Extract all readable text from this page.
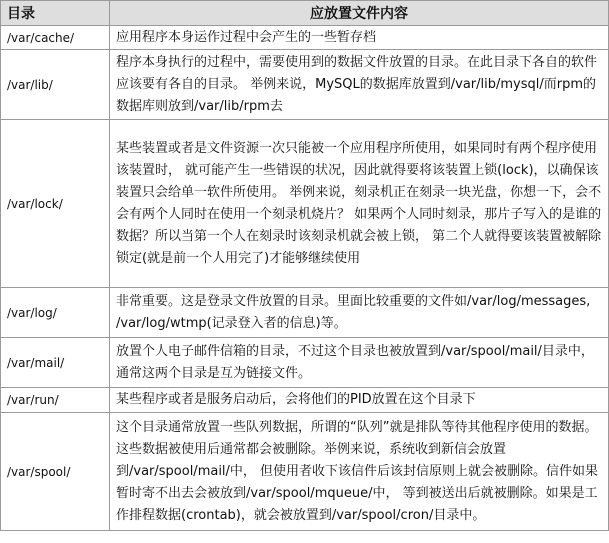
目录	应放置文件内容
/var/cache/	应用程序本身运作过程中会产生的一些暂存档
/var/lib/	程序本身执行的过程中，需要使用到的数据文件放置的目录。在此目录下各自的软件应该要有各自的目录。 举例来说，MySQL的数据库放置到/var/lib/mysql/而rpm的数据库则放到/var/lib/rpm去
/var/lock/	某些装置或者是文件资源一次只能被一个应用程序所使用，如果同时有两个程序使用该装置时， 就可能产生一些错误的状况，因此就得要将该装置上锁(lock)，以确保该装置只会给单一软件所使用。 举例来说，刻录机正在刻录一块光盘，你想一下，会不会有两个人同时在使用一个刻录机烧片？ 如果两个人同时刻录，那片子写入的是谁的数据？所以当第一个人在刻录时该刻录机就会被上锁， 第二个人就得要该装置被解除锁定(就是前一个人用完了)才能够继续使用
/var/log/	非常重要。这是登录文件放置的目录。里面比较重要的文件如/var/log/messages, /var/log/wtmp(记录登入者的信息)等。
/var/mail/	放置个人电子邮件信箱的目录，不过这个目录也被放置到/var/spool/mail/目录中，通常这两个目录是互为链接文件。
/var/run/	某些程序或者是服务启动后，会将他们的PID放置在这个目录下
/var/spool/	这个目录通常放置一些队列数据，所谓的“队列”就是排队等待其他程序使用的数据。 这些数据被使用后通常都会被删除。举例来说，系统收到新信会放置到/var/spool/mail/中， 但使用者收下该信件后该封信原则上就会被删除。信件如果暂时寄不出去会被放到/var/spool/mqueue/中， 等到被送出后就被删除。如果是工作排程数据(crontab)，就会被放置到/var/spool/cron/目录中。
